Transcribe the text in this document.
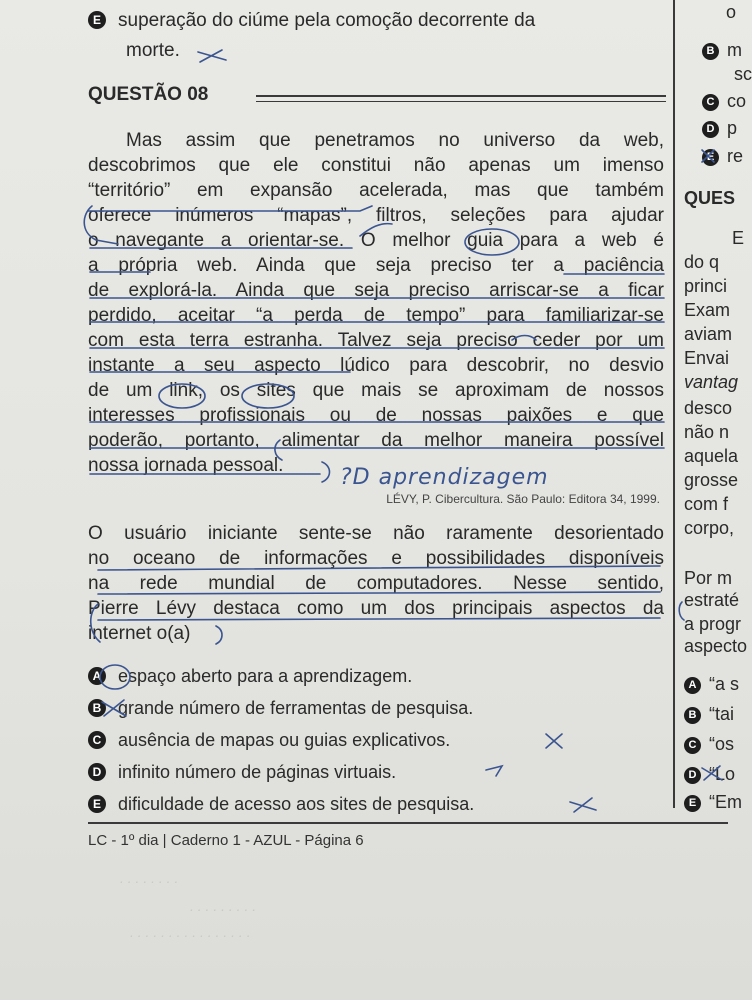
E superação do ciúme pela comoção decorrente da
morte.
QUESTÃO 08
Mas assim que penetramos no universo da web,
descobrimos que ele constitui não apenas um imenso
“território” em expansão acelerada, mas que também
oferece inúmeros “mapas”, filtros, seleções para ajudar
o navegante a orientar-se. O melhor guia para a web é
a própria web. Ainda que seja preciso ter a paciência
de explorá-la. Ainda que seja preciso arriscar-se a ficar
perdido, aceitar “a perda de tempo” para familiarizar-se
com esta terra estranha. Talvez seja preciso ceder por um
instante a seu aspecto lúdico para descobrir, no desvio
de um link, os sites que mais se aproximam de nossos
interesses profissionais ou de nossas paixões e que
poderão, portanto, alimentar da melhor maneira possível
nossa jornada pessoal.
LÉVY, P. Cibercultura. São Paulo: Editora 34, 1999.
O usuário iniciante sente-se não raramente desorientado
no oceano de informações e possibilidades disponíveis
na rede mundial de computadores. Nesse sentido,
Pierre Lévy destaca como um dos principais aspectos da
internet o(a)
A espaço aberto para a aprendizagem.
B grande número de ferramentas de pesquisa.
C ausência de mapas ou guias explicativos.
D infinito número de páginas virtuais.
E dificuldade de acesso aos sites de pesquisa.
o
B m
sc
C co
D p
E re
QUES
E
do q
princi
Exam
aviam
Envai
vantag
desco
não n
aquela
grosse
com f
corpo,
Por m
estraté
a progr
aspecto
A “a s
B “tai
C “os
D “Lo
E “Em
LC - 1º dia | Caderno 1 - AZUL - Página 6
. . . . . . . .
. . . . . . . . .
. . . . . . . . . . . . . . . .
?D aprendizagem
